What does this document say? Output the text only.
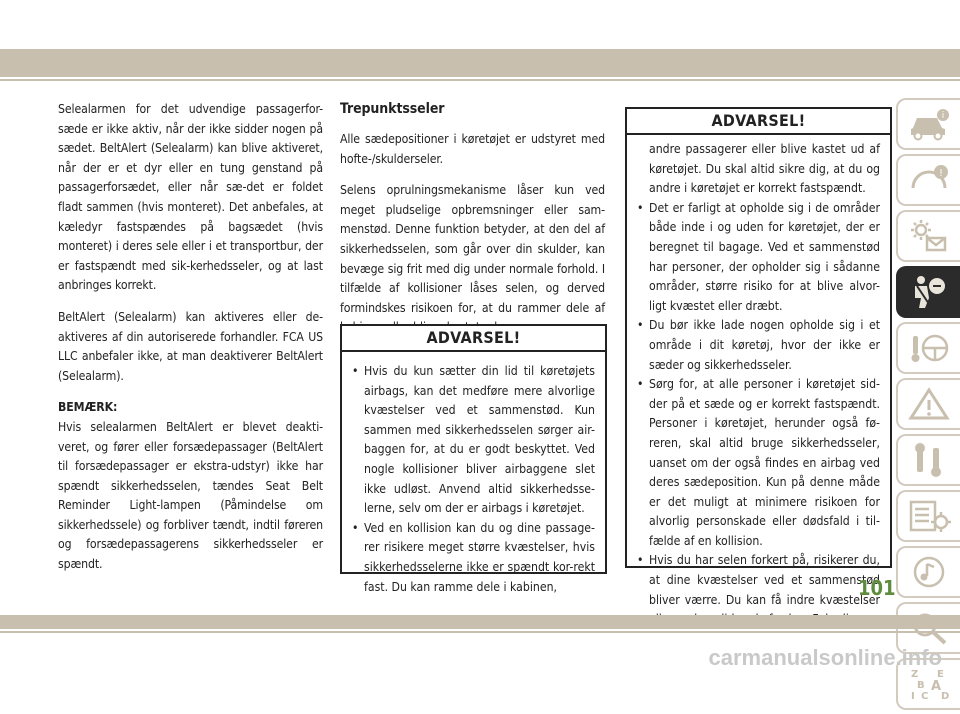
Selealarmen for det udvendige passagerfor-sæde er ikke aktiv, når der ikke sidder nogen på sædet. BeltAlert (Selealarm) kan blive aktiveret, når der er et dyr eller en tung genstand på passagerforsædet, eller når sæ-det er foldet fladt sammen (hvis monteret). Det anbefales, at kæledyr fastspændes på bagsædet (hvis monteret) i deres sele eller i et transportbur, der er fastspændt med sik-kerhedsseler, og at last anbringes korrekt.

BeltAlert (Selealarm) kan aktiveres eller de-aktiveres af din autoriserede forhandler. FCA US LLC anbefaler ikke, at man deaktiverer BeltAlert (Selealarm).

BEMÆRK:

Hvis selealarmen BeltAlert er blevet deakti-veret, og fører eller forsædepassager (BeltAlert til forsædepassager er ekstra-udstyr) ikke har spændt sikkerhedsselen, tændes Seat Belt Reminder Light-lampen (Påmindelse om sikkerhedssele) og forbliver tændt, indtil føreren og forsædepassagerens sikkerhedsseler er spændt.

Trepunktsseler

Alle sædepositioner i køretøjet er udstyret med hofte-/skulderseler.

Selens oprulningsmekanisme låser kun ved meget pludselige opbremsninger eller sam-menstød. Denne funktion betyder, at den del af sikkerhedsselen, som går over din skulder, kan bevæge sig frit med dig under normale forhold. I tilfælde af kollisioner låses selen, og derved formindskes risikoen for, at du rammer dele af

ADVARSEL!
• Hvis du kun sætter din lid til køretøjets airbags, kan det medføre mere alvorlige kvæstelser ved et sammenstød. Kun sammen med sikkerhedsselen sørger air-baggen for, at du er godt beskyttet. Ved nogle kollisioner bliver airbaggene slet ikke udløst. Anvend altid sikkerhedsse-lerne, selv om der er airbags i køretøjet.
• Ved en kollision kan du og dine passage-rer risikere meget større kvæstelser, hvis sikkerhedsselerne ikke er spændt kor-rekt fast. Du kan ramme dele i kabinen,
ADVARSEL!
andre passagerer eller blive kastet ud af køretøjet. Du skal altid sikre dig, at du og andre i køretøjet er korrekt fastspændt.
• Det er farligt at opholde sig i de områder både inde i og uden for køretøjet, der er beregnet til bagage. Ved et sammenstød har personer, der opholder sig i sådanne områder, større risiko for at blive alvor-ligt kvæstet eller dræbt.
• Du bør ikke lade nogen opholde sig i et område i dit køretøj, hvor der ikke er sæder og sikkerhedsseler.
• Sørg for, at alle personer i køretøjet sid-der på et sæde og er korrekt fastspændt. Personer i køretøjet, herunder også fø-reren, skal altid bruge sikkerhedsseler, uanset om der også findes en airbag ved deres sædeposition. Kun på denne måde er det muligt at minimere risikoen for alvorlig personskade eller dødsfald i til-fælde af en kollision.
• Hvis du har selen forkert på, risikerer du, at dine kvæstelser ved et sammenstød bliver værre. Du kan få indre kvæstelser
i
!
Z E
B A
I C D
101
carmanualsonline.info
